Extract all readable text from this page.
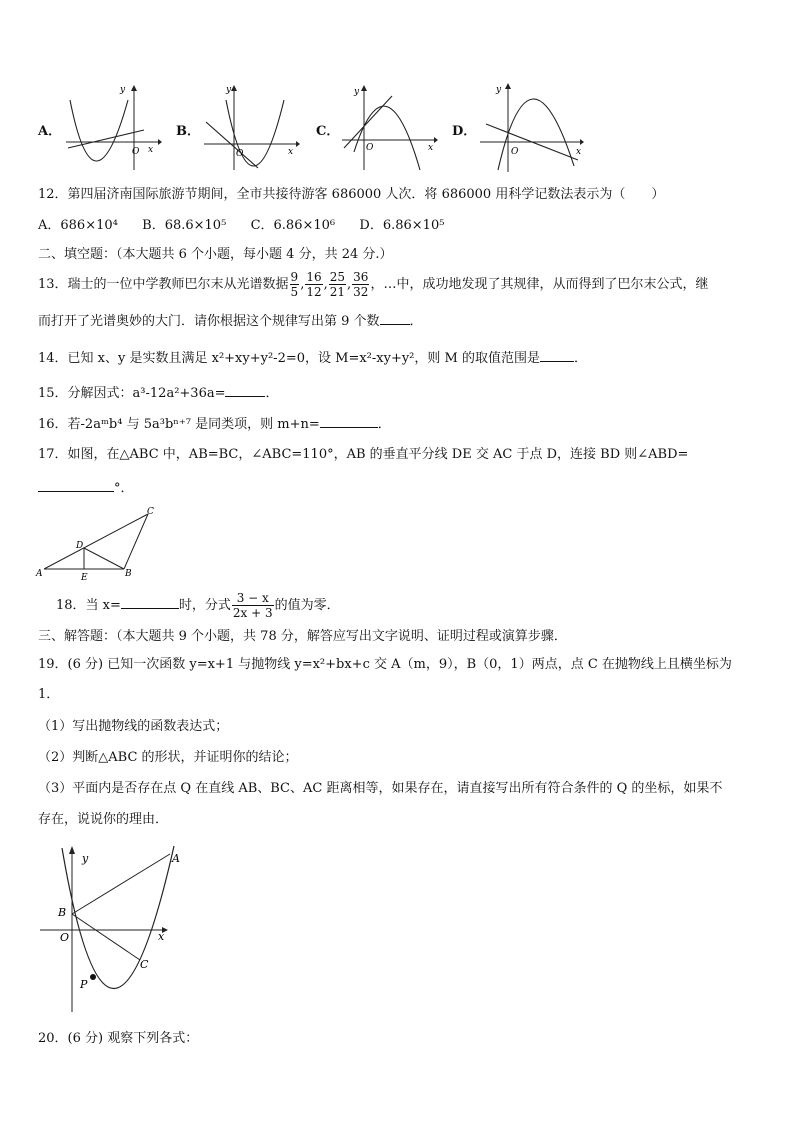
A．	B．	C．	D．
y
x
O
y
x
O
y
x
O
y
x
O
12．第四届济南国际旅游节期间，全市共接待游客 686000 人次．将 686000 用科学记数法表示为（　　）
A．686×10⁴ B．68.6×10⁵ C．6.86×10⁶ D．6.86×10⁵
二、填空题：（本大题共 6 个小题，每小题 4 分，共 24 分.）
13．瑞士的一位中学教师巴尔末从光谱数据 $\frac{9}{5}$ , $\frac{16}{12}$ , $\frac{25}{21}$ , $\frac{36}{32}$ ，…中，成功地发现了其规律，从而得到了巴尔末公式，继
而打开了光谱奥妙的大门．请你根据这个规律写出第 9 个数 ．
14．已知 x、y 是实数且满足 x²+xy+y²-2=0，设 M=x²-xy+y²，则 M 的取值范围是	．
15．分解因式：a³-12a²+36a=	．
16．若-2aᵐb⁴ 与 5a³bⁿ⁺⁷ 是同类项，则 m+n=	．
17．如图，在△ABC 中，AB=BC，∠ABC=110°，AB 的垂直平分线 DE 交 AC 于点 D，连接 BD 则∠ABD=
°．
A	B
C
D
E
18．当 x=	时，分式 $\frac{3 - x}{2x + 3}$ 的值为零．
三、解答题：（本大题共 9 个小题，共 78 分，解答应写出文字说明、证明过程或演算步骤．
19．(6 分) 已知一次函数 y=x+1 与抛物线 y=x²+bx+c 交 A（m，9），B（0，1）两点，点 C 在抛物线上且横坐标为
1．
（1）写出抛物线的函数表达式；
（2）判断△ABC 的形状，并证明你的结论；
（3）平面内是否存在点 Q 在直线 AB、BC、AC 距离相等，如果存在，请直接写出所有符合条件的 Q 的坐标，如果不
存在，说说你的理由．
y
x
A
B
O
C
P
20．(6 分) 观察下列各式：
